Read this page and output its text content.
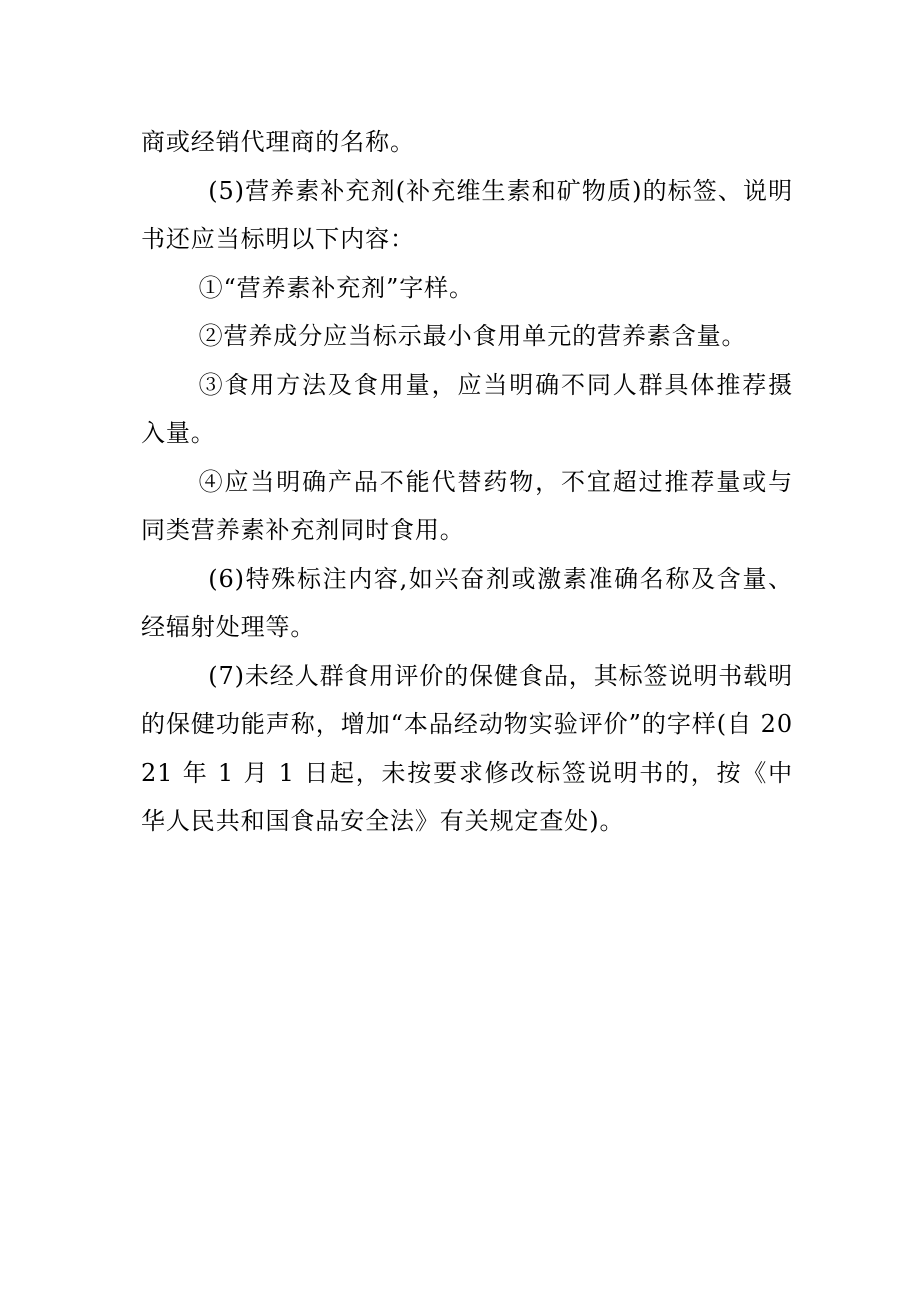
商或经销代理商的名称。

(5)营养素补充剂(补充维生素和矿物质)的标签、说明书还应当标明以下内容：

①“营养素补充剂”字样。

②营养成分应当标示最小食用单元的营养素含量。

③食用方法及食用量，应当明确不同人群具体推荐摄入量。

④应当明确产品不能代替药物，不宜超过推荐量或与同类营养素补充剂同时食用。

(6)特殊标注内容,如兴奋剂或激素准确名称及含量、经辐射处理等。

(7)未经人群食用评价的保健食品，其标签说明书载明的保健功能声称，增加“本品经动物实验评价”的字样(自 2021 年 1 月 1 日起，未按要求修改标签说明书的，按《中华人民共和国食品安全法》有关规定查处)。
